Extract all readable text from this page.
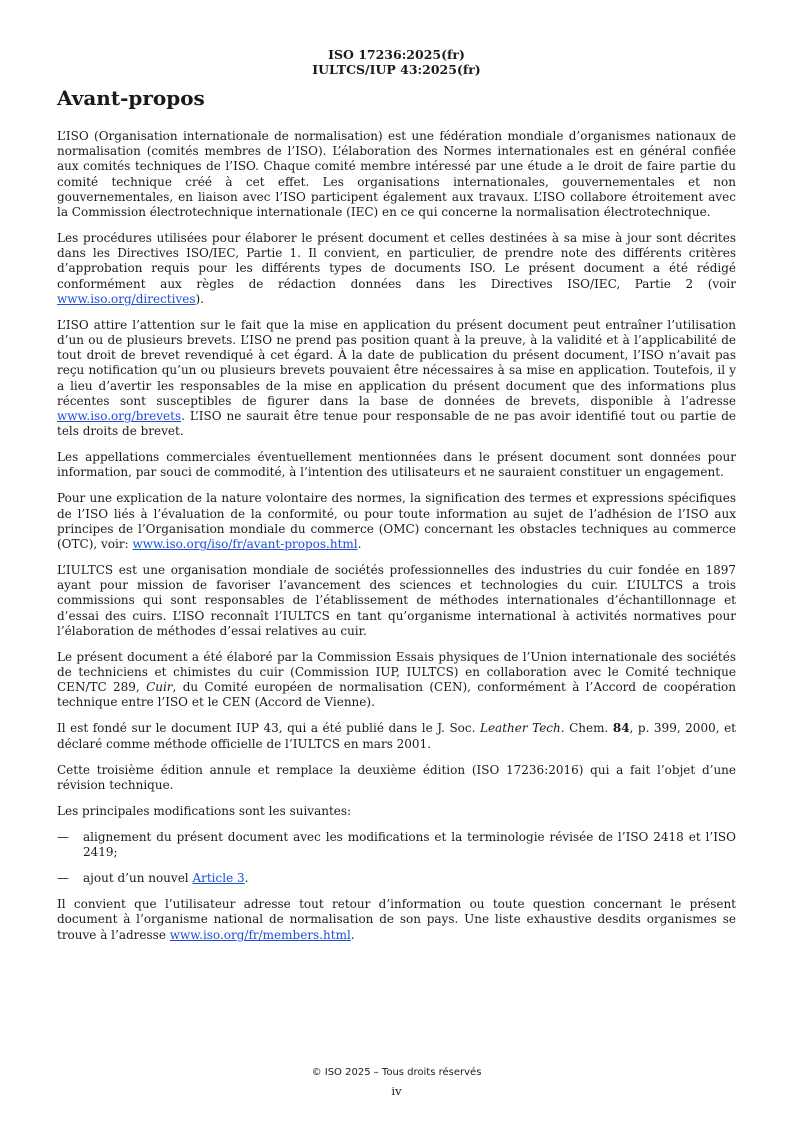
ISO 17236:2025(fr)
IULTCS/IUP 43:2025(fr)
Avant-propos

L’ISO (Organisation internationale de normalisation) est une fédération mondiale d’organismes nationaux de normalisation (comités membres de l’ISO). L’élaboration des Normes internationales est en général confiée aux comités techniques de l’ISO. Chaque comité membre intéressé par une étude a le droit de faire partie du comité technique créé à cet effet. Les organisations internationales, gouvernementales et non gouvernementales, en liaison avec l’ISO participent également aux travaux. L’ISO collabore étroitement avec la Commission électrotechnique internationale (IEC) en ce qui concerne la normalisation électrotechnique.

Les procédures utilisées pour élaborer le présent document et celles destinées à sa mise à jour sont décrites dans les Directives ISO/IEC, Partie 1. Il convient, en particulier, de prendre note des différents critères d’approbation requis pour les différents types de documents ISO. Le présent document a été rédigé conformément aux règles de rédaction données dans les Directives ISO/IEC, Partie 2 (voir www.iso.org/directives).

L’ISO attire l’attention sur le fait que la mise en application du présent document peut entraîner l’utilisation d’un ou de plusieurs brevets. L’ISO ne prend pas position quant à la preuve, à la validité et à l’applicabilité de tout droit de brevet revendiqué à cet égard. À la date de publication du présent document, l’ISO n’avait pas reçu notification qu’un ou plusieurs brevets pouvaient être nécessaires à sa mise en application. Toutefois, il y a lieu d’avertir les responsables de la mise en application du présent document que des informations plus récentes sont susceptibles de figurer dans la base de données de brevets, disponible à l’adresse www.iso.org/brevets. L’ISO ne saurait être tenue pour responsable de ne pas avoir identifié tout ou partie de tels droits de brevet.

Les appellations commerciales éventuellement mentionnées dans le présent document sont données pour information, par souci de commodité, à l’intention des utilisateurs et ne sauraient constituer un engagement.

Pour une explication de la nature volontaire des normes, la signification des termes et expressions spécifiques de l’ISO liés à l’évaluation de la conformité, ou pour toute information au sujet de l’adhésion de l’ISO aux principes de l’Organisation mondiale du commerce (OMC) concernant les obstacles techniques au commerce (OTC), voir: www.iso.org/iso/fr/avant-propos.html.

L’IULTCS est une organisation mondiale de sociétés professionnelles des industries du cuir fondée en 1897 ayant pour mission de favoriser l’avancement des sciences et technologies du cuir. L’IULTCS a trois commissions qui sont responsables de l’établissement de méthodes internationales d’échantillonnage et d’essai des cuirs. L’ISO reconnaît l’IULTCS en tant qu’organisme international à activités normatives pour l’élaboration de méthodes d’essai relatives au cuir.

Le présent document a été élaboré par la Commission Essais physiques de l’Union internationale des sociétés de techniciens et chimistes du cuir (Commission IUP, IULTCS) en collaboration avec le Comité technique CEN/TC 289, Cuir, du Comité européen de normalisation (CEN), conformément à l’Accord de coopération technique entre l’ISO et le CEN (Accord de Vienne).

Il est fondé sur le document IUP 43, qui a été publié dans le J. Soc. Leather Tech. Chem. 84, p. 399, 2000, et déclaré comme méthode officielle de l’IULTCS en mars 2001.

Cette troisième édition annule et remplace la deuxième édition (ISO 17236:2016) qui a fait l’objet d’une révision technique.

Les principales modifications sont les suivantes:

— alignement du présent document avec les modifications et la terminologie révisée de l’ISO 2418 et l’ISO 2419;
— ajout d’un nouvel Article 3.

Il convient que l’utilisateur adresse tout retour d’information ou toute question concernant le présent document à l’organisme national de normalisation de son pays. Une liste exhaustive desdits organismes se trouve à l’adresse www.iso.org/fr/members.html.

© ISO 2025 – Tous droits réservés
iv
